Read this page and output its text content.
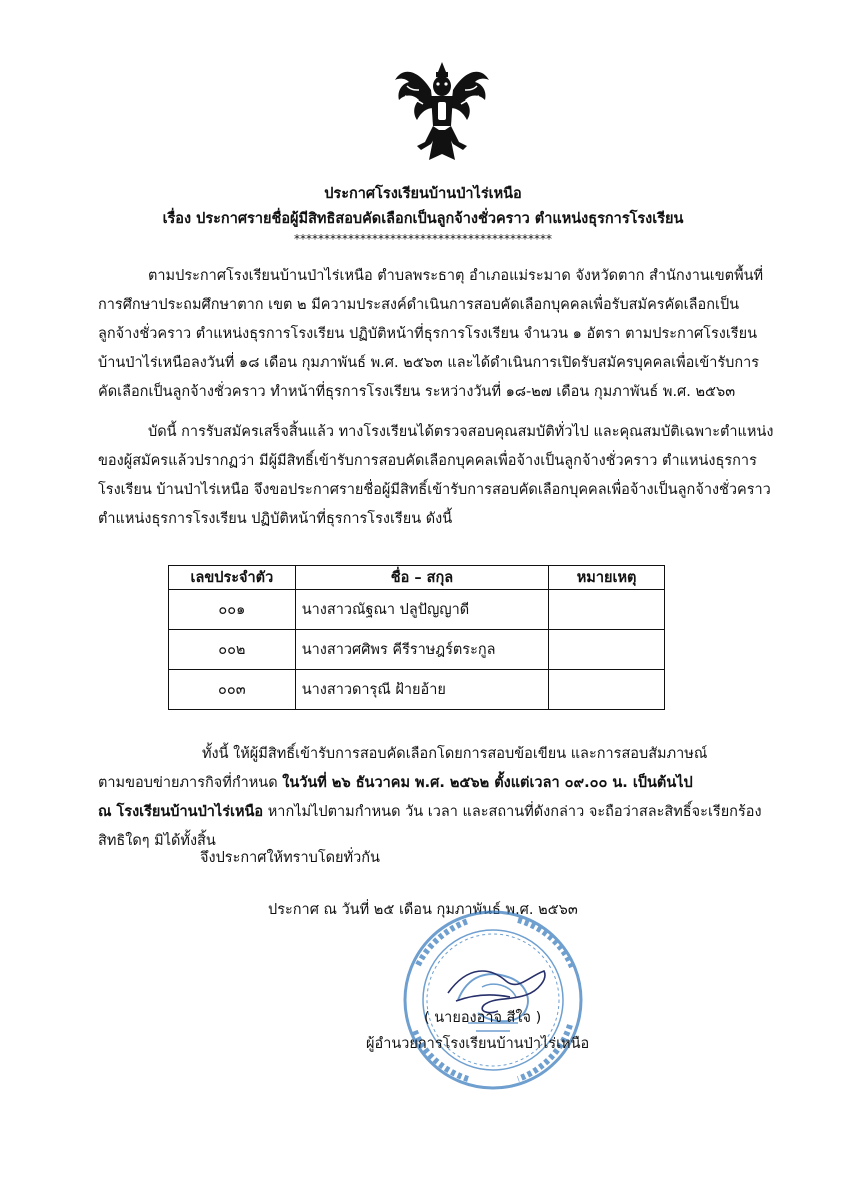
ประกาศโรงเรียนบ้านป่าไร่เหนือ
เรื่อง ประกาศรายชื่อผู้มีสิทธิสอบคัดเลือกเป็นลูกจ้างชั่วคราว ตำแหน่งธุรการโรงเรียน
*******************************************
ตามประกาศโรงเรียนบ้านป่าไร่เหนือ ตำบลพระธาตุ อำเภอแม่ระมาด จังหวัดตาก สำนักงานเขตพื้นที่
การศึกษาประถมศึกษาตาก เขต ๒ มีความประสงค์ดำเนินการสอบคัดเลือกบุคคลเพื่อรับสมัครคัดเลือกเป็น
ลูกจ้างชั่วคราว ตำแหน่งธุรการโรงเรียน ปฏิบัติหน้าที่ธุรการโรงเรียน จำนวน ๑ อัตรา ตามประกาศโรงเรียน
บ้านป่าไร่เหนือลงวันที่ ๑๘ เดือน กุมภาพันธ์ พ.ศ. ๒๕๖๓ และได้ดำเนินการเปิดรับสมัครบุคคลเพื่อเข้ารับการ
คัดเลือกเป็นลูกจ้างชั่วคราว ทำหน้าที่ธุรการโรงเรียน ระหว่างวันที่ ๑๘-๒๗ เดือน กุมภาพันธ์ พ.ศ. ๒๕๖๓
บัดนี้ การรับสมัครเสร็จสิ้นแล้ว ทางโรงเรียนได้ตรวจสอบคุณสมบัติทั่วไป และคุณสมบัติเฉพาะตำแหน่ง
ของผู้สมัครแล้วปรากฏว่า มีผู้มีสิทธิ์เข้ารับการสอบคัดเลือกบุคคลเพื่อจ้างเป็นลูกจ้างชั่วคราว ตำแหน่งธุรการ
โรงเรียน บ้านป่าไร่เหนือ จึงขอประกาศรายชื่อผู้มีสิทธิ์เข้ารับการสอบคัดเลือกบุคคลเพื่อจ้างเป็นลูกจ้างชั่วคราว
ตำแหน่งธุรการโรงเรียน ปฏิบัติหน้าที่ธุรการโรงเรียน ดังนี้
เลขประจำตัว	ชื่อ – สกุล	หมายเหตุ
๐๐๑	นางสาวณัฐณา ปลูปัญญาดี	
๐๐๒	นางสาวศศิพร คีรีราษฎร์ตระกูล	
๐๐๓	นางสาวดารุณี ฝ้ายอ้าย	
ทั้งนี้ ให้ผู้มีสิทธิ์เข้ารับการสอบคัดเลือกโดยการสอบข้อเขียน และการสอบสัมภาษณ์
ตามขอบข่ายภารกิจที่กำหนด ในวันที่ ๒๖ ธันวาคม พ.ศ. ๒๕๖๒ ตั้งแต่เวลา ๐๙.๐๐ น. เป็นต้นไป
ณ โรงเรียนบ้านป่าไร่เหนือ หากไม่ไปตามกำหนด วัน เวลา และสถานที่ดังกล่าว จะถือว่าสละสิทธิ์จะเรียกร้อง
สิทธิใดๆ มิได้ทั้งสิ้น
จึงประกาศให้ทราบโดยทั่วกัน
ประกาศ ณ วันที่ ๒๕ เดือน กุมภาพันธ์ พ.ศ. ๒๕๖๓
( นายองอาจ สีใจ )
ผู้อำนวยการโรงเรียนบ้านป่าไร่เหนือ
